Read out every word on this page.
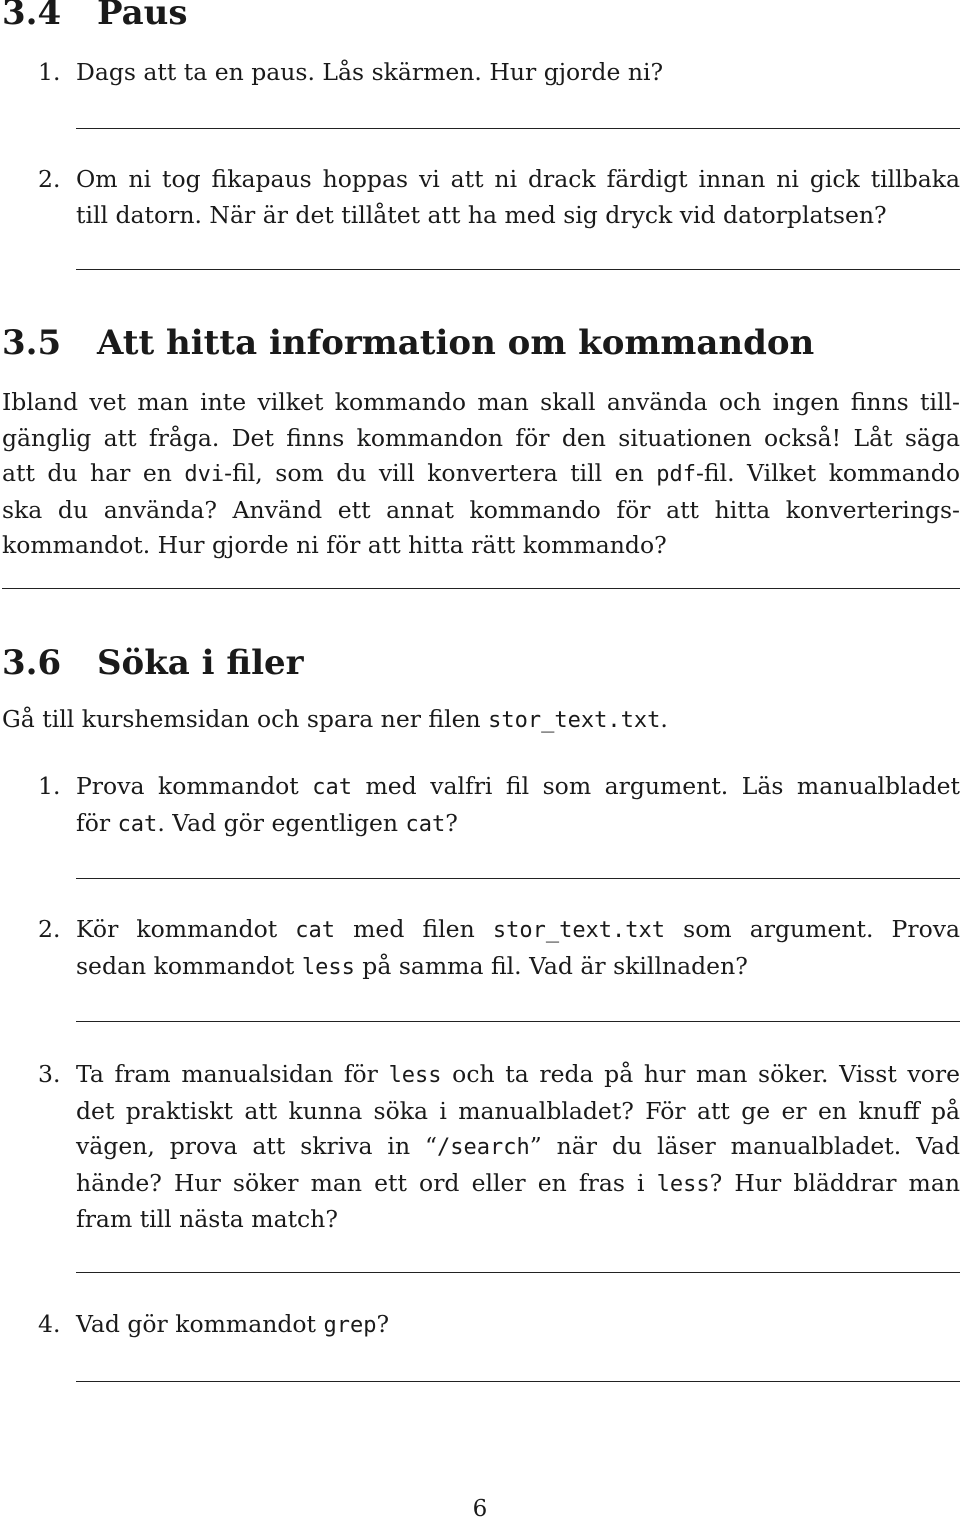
3.4 Paus
1. Dags att ta en paus. Lås skärmen. Hur gjorde ni?
2. Om ni tog fikapaus hoppas vi att ni drack färdigt innan ni gick tillbaka
till datorn. När är det tillåtet att ha med sig dryck vid datorplatsen?
3.5 Att hitta information om kommandon
Ibland vet man inte vilket kommando man skall använda och ingen finns till-
gänglig att fråga. Det finns kommandon för den situationen också! Låt säga
att du har en dvi-fil, som du vill konvertera till en pdf-fil. Vilket kommando
ska du använda? Använd ett annat kommando för att hitta konverterings-
kommandot. Hur gjorde ni för att hitta rätt kommando?
3.6 Söka i filer
Gå till kurshemsidan och spara ner filen stor_text.txt.
1. Prova kommandot cat med valfri fil som argument. Läs manualbladet
för cat. Vad gör egentligen cat?
2. Kör kommandot cat med filen stor_text.txt som argument. Prova
sedan kommandot less på samma fil. Vad är skillnaden?
3. Ta fram manualsidan för less och ta reda på hur man söker. Visst vore
det praktiskt att kunna söka i manualbladet? För att ge er en knuff på
vägen, prova att skriva in “/search” när du läser manualbladet. Vad
hände? Hur söker man ett ord eller en fras i less? Hur bläddrar man
fram till nästa match?
4. Vad gör kommandot grep?
6
